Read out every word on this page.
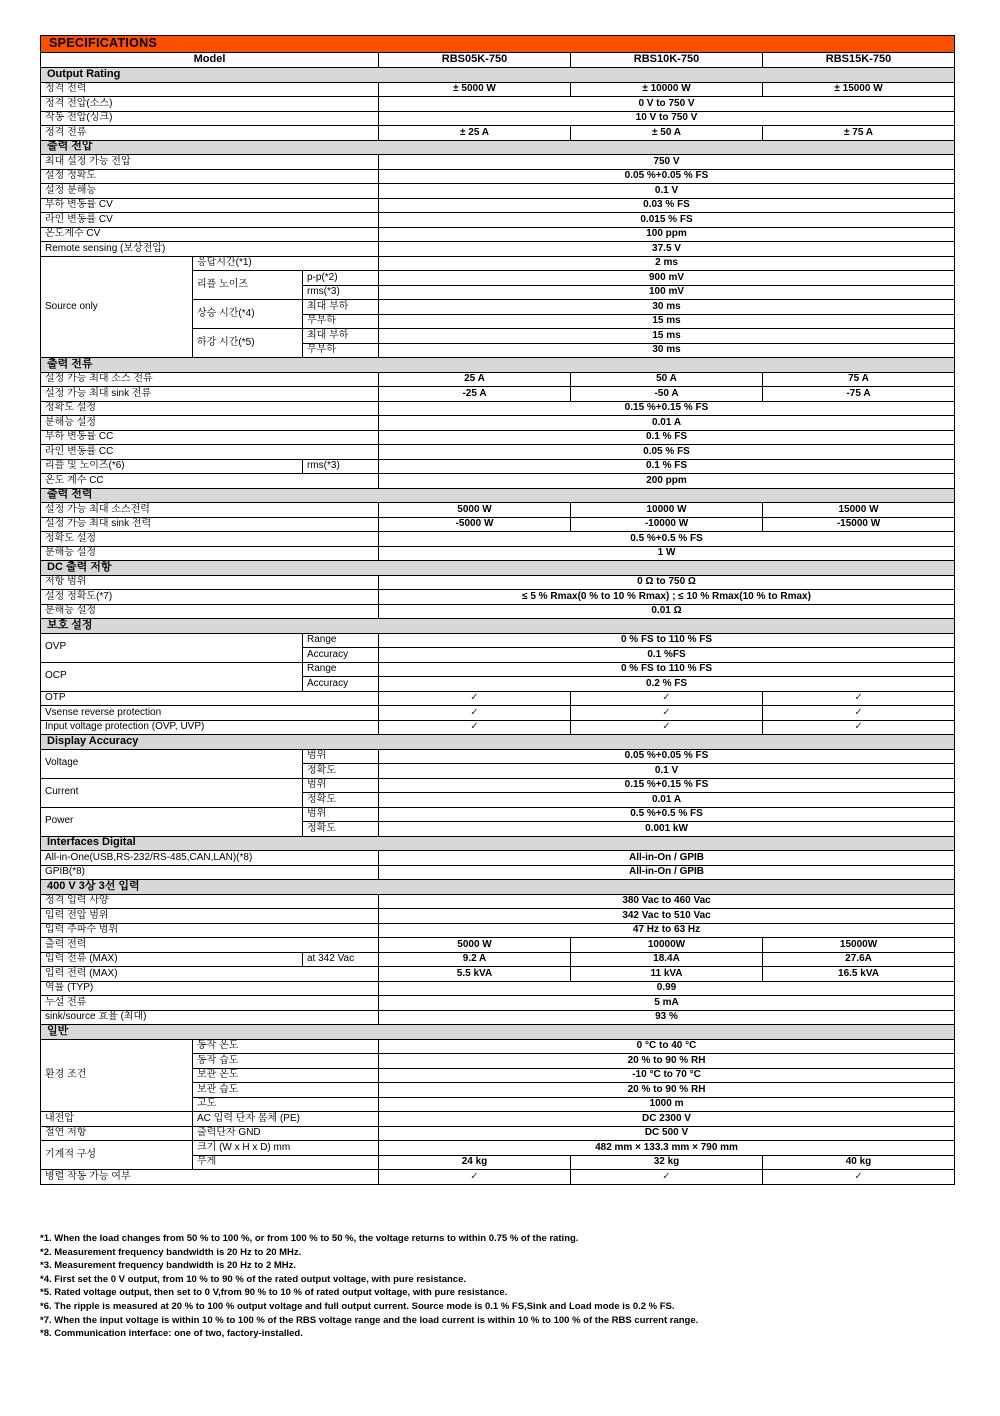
SPECIFICATIONS					
Model			RBS05K-750	RBS10K-750	RBS15K-750
Output Rating					
정격 전력			± 5000 W	± 10000 W	± 15000 W
정격 전압(소스)			0 V to 750 V		
작동 전압(싱크)			10 V to 750 V		
정격 전류			± 25 A	± 50 A	± 75 A
출력 전압					
최대 설정 가능 전압			750 V		
설정 정확도			0.05 %+0.05 % FS		
설정 분해능			0.1 V		
부하 변동률 CV			0.03 % FS		
라인 변동률 CV			0.015 % FS		
온도계수 CV			100 ppm		
Remote sensing (보상전압)			37.5 V		
Source only	응답시간(*1)		2 ms		
	리플 노이즈	p-p(*2)	900 mV		
		rms(*3)	100 mV		
	상승 시간(*4)	최대 부하	30 ms		
		무부하	15 ms		
	하강 시간(*5)	최대 부하	15 ms		
		무부하	30 ms		
출력 전류					
설정 가능 최대 소스 전류			25 A	50 A	75 A
설정 가능 최대 sink 전류			-25 A	-50 A	-75 A
정확도 설정			0.15 %+0.15 % FS		
분해능 설정			0.01 A		
부하 변동률 CC			0.1 % FS		
라인 변동률 CC			0.05 % FS		
리플 및 노이즈(*6)		rms(*3)	0.1 % FS		
온도 계수 CC			200 ppm		
출력 전력					
설정 가능 최대 소스전력			5000 W	10000 W	15000 W
설정 가능 최대 sink 전력			-5000 W	-10000 W	-15000 W
정확도 설정			0.5 %+0.5 % FS		
분해능 설정			1 W		
DC 출력 저항					
저항 범위			0 Ω to 750 Ω		
설정 정확도(*7)			≤ 5 % Rmax(0 % to 10 % Rmax) ; ≤ 10 % Rmax(10 % to Rmax)		
분해능 설정			0.01 Ω		
보호 설정					
OVP		Range	0 % FS to 110 % FS		
		Accuracy	0.1 %FS		
OCP		Range	0 % FS to 110 % FS		
		Accuracy	0.2 % FS		
OTP			✓	✓	✓
Vsense reverse protection			✓	✓	✓
Input voltage protection (OVP, UVP)			✓	✓	✓
Display Accuracy					
Voltage		범위	0.05 %+0.05 % FS		
		정확도	0.1 V		
Current		범위	0.15 %+0.15 % FS		
		정확도	0.01 A		
Power		범위	0.5 %+0.5 % FS		
		정확도	0.001 kW		
Interfaces Digital					
All-in-One(USB,RS-232/RS-485,CAN,LAN)(*8)			All-in-On / GPIB		
GPIB(*8)			All-in-On / GPIB		
400 V 3상 3선 입력					
정격 입력 사양			380 Vac to 460 Vac		
입력 전압 범위			342 Vac to 510 Vac		
입력 주파수 범위			47 Hz to 63 Hz		
출력 전력			5000 W	10000W	15000W
입력 전류 (MAX)		at 342 Vac	9.2 A	18.4A	27.6A
입력 전력 (MAX)			5.5 kVA	11 kVA	16.5 kVA
역률 (TYP)			0.99		
누설 전류			5 mA		
sink/source 효율 (최대)			93 %		
일반					
환경 조건	동작 온도		0 °C to 40 °C		
	동작 습도		20 % to 90 % RH		
	보관 온도		-10 °C to 70 °C		
	보관 습도		20 % to 90 % RH		
	고도		1000 m		
내전압	AC 입력 단자 몸체 (PE)		DC 2300 V		
절연 저항	출력단자 GND		DC 500 V		
기계적 구성	크기 (W x H x D) mm		482 mm × 133.3 mm × 790 mm		
	무게		24 kg	32 kg	40 kg
병렬 작동 가능 여부			✓	✓	✓
*1. When the load changes from 50 % to 100 %, or from 100 % to 50 %, the voltage returns to within 0.75 % of the rating.
*2. Measurement frequency bandwidth is 20 Hz to 20 MHz.
*3. Measurement frequency bandwidth is 20 Hz to 2 MHz.
*4. First set the 0 V output, from 10 % to 90 % of the rated output voltage, with pure resistance.
*5. Rated voltage output, then set to 0 V,from 90 % to 10 % of rated output voltage, with pure resistance.
*6. The ripple is measured at 20 % to 100 % output voltage and full output current. Source mode is 0.1 % FS,Sink and Load mode is 0.2 % FS.
*7. When the input voltage is within 10 % to 100 % of the RBS voltage range and the load current is within 10 % to 100 % of the RBS current range.
*8. Communication interface: one of two, factory-installed.
